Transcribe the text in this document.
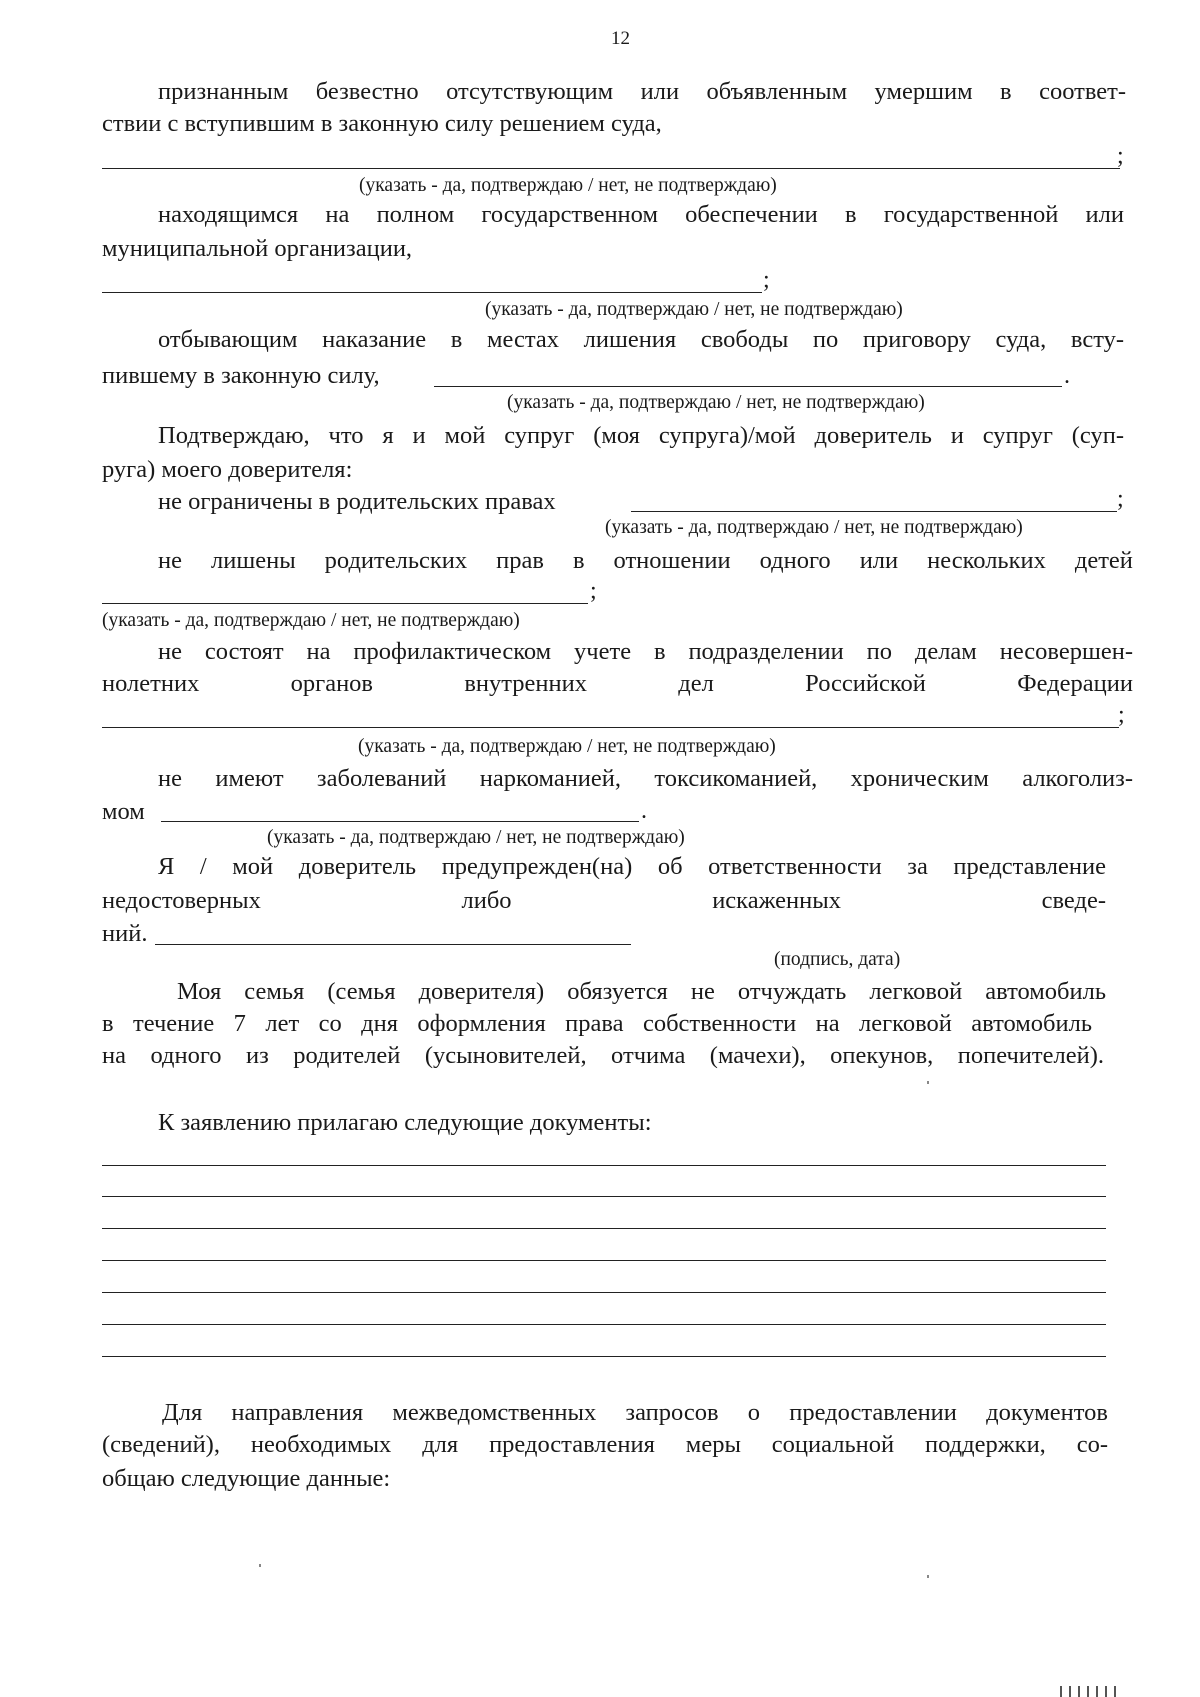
12
признанным безвестно отсутствующим или объявленным умершим в соответ-
ствии с вступившим в законную силу решением суда,
;
(указать - да, подтверждаю / нет, не подтверждаю)
находящимся на полном государственном обеспечении в государственной или
муниципальной организации,
;
(указать - да, подтверждаю / нет, не подтверждаю)
отбывающим наказание в местах лишения свободы по приговору суда, всту-
пившему в законную силу,	.
(указать - да, подтверждаю / нет, не подтверждаю)
Подтверждаю, что я и мой супруг (моя супруга)/мой доверитель и супруг (суп-
руга) моего доверителя:
не ограничены в родительских правах	;
(указать - да, подтверждаю / нет, не подтверждаю)
не лишены родительских прав в отношении одного или нескольких детей
;
(указать - да, подтверждаю / нет, не подтверждаю)
не состоят на профилактическом учете в подразделении по делам несовершен-
нолетних	органов	внутренних	дел	Российской	Федерации
;
(указать - да, подтверждаю / нет, не подтверждаю)
не имеют заболеваний наркоманией, токсикоманией, хроническим алкоголиз-
мом	.
(указать - да, подтверждаю / нет, не подтверждаю)
Я / мой доверитель предупрежден(на) об ответственности за представление
недостоверных	либо	искаженных	сведе-
ний.
(подпись, дата)
Моя семья (семья доверителя) обязуется не отчуждать легковой автомобиль
в течение 7 лет со дня оформления права собственности на легковой автомобиль
на одного из родителей (усыновителей, отчима (мачехи), опекунов, попечителей).
К заявлению прилагаю следующие документы:
Для направления межведомственных запросов о предоставлении документов
(сведений), необходимых для предоставления меры социальной поддержки, со-
общаю следующие данные:
